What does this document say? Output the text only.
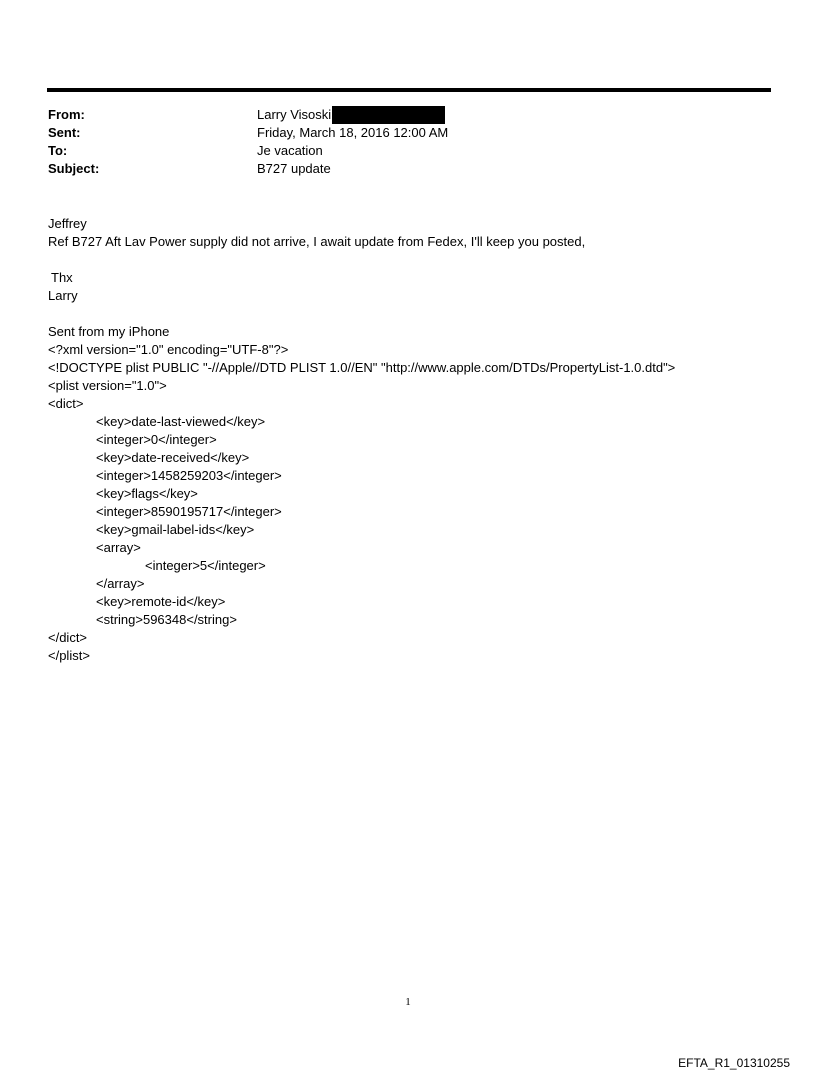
From:	Larry Visoski
Sent:	Friday, March 18, 2016 12:00 AM
To:	Je vacation
Subject:	B727 update
Jeffrey
Ref B727 Aft Lav Power supply did not arrive, I await update from Fedex, I'll keep you posted,
Thx
Larry
Sent from my iPhone
<?xml version="1.0" encoding="UTF-8"?>
<!DOCTYPE plist PUBLIC "-//Apple//DTD PLIST 1.0//EN" "http://www.apple.com/DTDs/PropertyList-1.0.dtd">
<plist version="1.0">
<dict>
<key>date-last-viewed</key>
<integer>0</integer>
<key>date-received</key>
<integer>1458259203</integer>
<key>flags</key>
<integer>8590195717</integer>
<key>gmail-label-ids</key>
<array>
<integer>5</integer>
</array>
<key>remote-id</key>
<string>596348</string>
</dict>
</plist>
1
EFTA_R1_01310255
